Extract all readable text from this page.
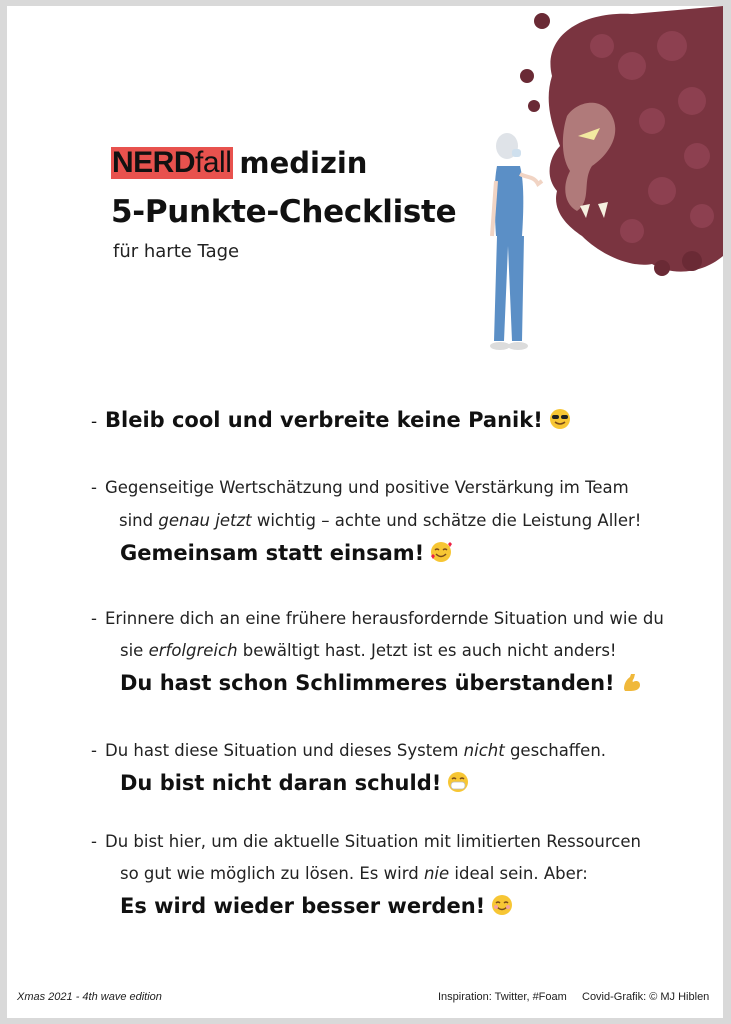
NERD fall medizin
5-Punkte-Checkliste
für harte Tage
- Bleib cool und verbreite keine Panik!
- Gegenseitige Wertschätzung und positive Verstärkung im Team
sind genau jetzt wichtig – achte und schätze die Leistung Aller!
Gemeinsam statt einsam!
- Erinnere dich an eine frühere herausfordernde Situation und wie du
sie erfolgreich bewältigt hast. Jetzt ist es auch nicht anders!
Du hast schon Schlimmeres überstanden!
- Du hast diese Situation und dieses System nicht geschaffen.
Du bist nicht daran schuld!
- Du bist hier, um die aktuelle Situation mit limitierten Ressourcen
so gut wie möglich zu lösen. Es wird nie ideal sein. Aber:
Es wird wieder besser werden!
Xmas 2021 - 4th wave edition	Inspiration: Twitter, #Foam Covid-Grafik: © MJ Hiblen
